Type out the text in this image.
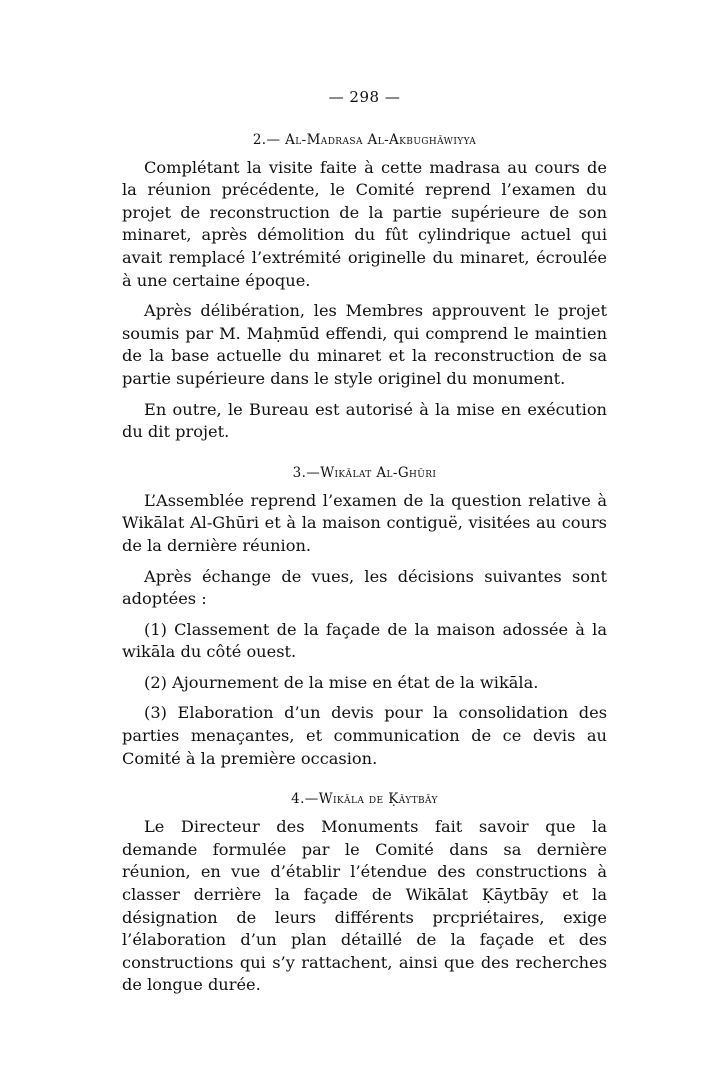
— 298 —
2.— Al-Madrasa Al-Akbughāwiyya

Complétant la visite faite à cette madrasa au cours de la réunion précédente, le Comité reprend l’examen du projet de reconstruction de la partie supérieure de son minaret, après démolition du fût cylindrique actuel qui avait remplacé l’extrémité originelle du minaret, écroulée à une certaine époque.

Après délibération, les Membres approuvent le projet soumis par M. Maḥmūd effendi, qui comprend le maintien de la base actuelle du minaret et la reconstruction de sa partie supérieure dans le style originel du monument.

En outre, le Bureau est autorisé à la mise en exécution du dit projet.

3.—Wikālat Al-Ghūri

L’Assemblée reprend l’examen de la question relative à Wikālat Al-Ghūri et à la maison contiguë, visitées au cours de la dernière réunion.

Après échange de vues, les décisions suivantes sont adoptées :

(1) Classement de la façade de la maison adossée à la wikāla du côté ouest.

(2) Ajournement de la mise en état de la wikāla.

(3) Elaboration d’un devis pour la consolidation des parties menaçantes, et communication de ce devis au Comité à la première occasion.

4.—Wikāla de Ḳāytbāy

Le Directeur des Monuments fait savoir que la demande formulée par le Comité dans sa dernière réunion, en vue d’établir l’étendue des constructions à classer derrière la façade de Wikālat Ḳāytbāy et la désignation de leurs différents prcpriétaires, exige l’élaboration d’un plan détaillé de la façade et des constructions qui s’y rattachent, ainsi que des recherches de longue durée.
